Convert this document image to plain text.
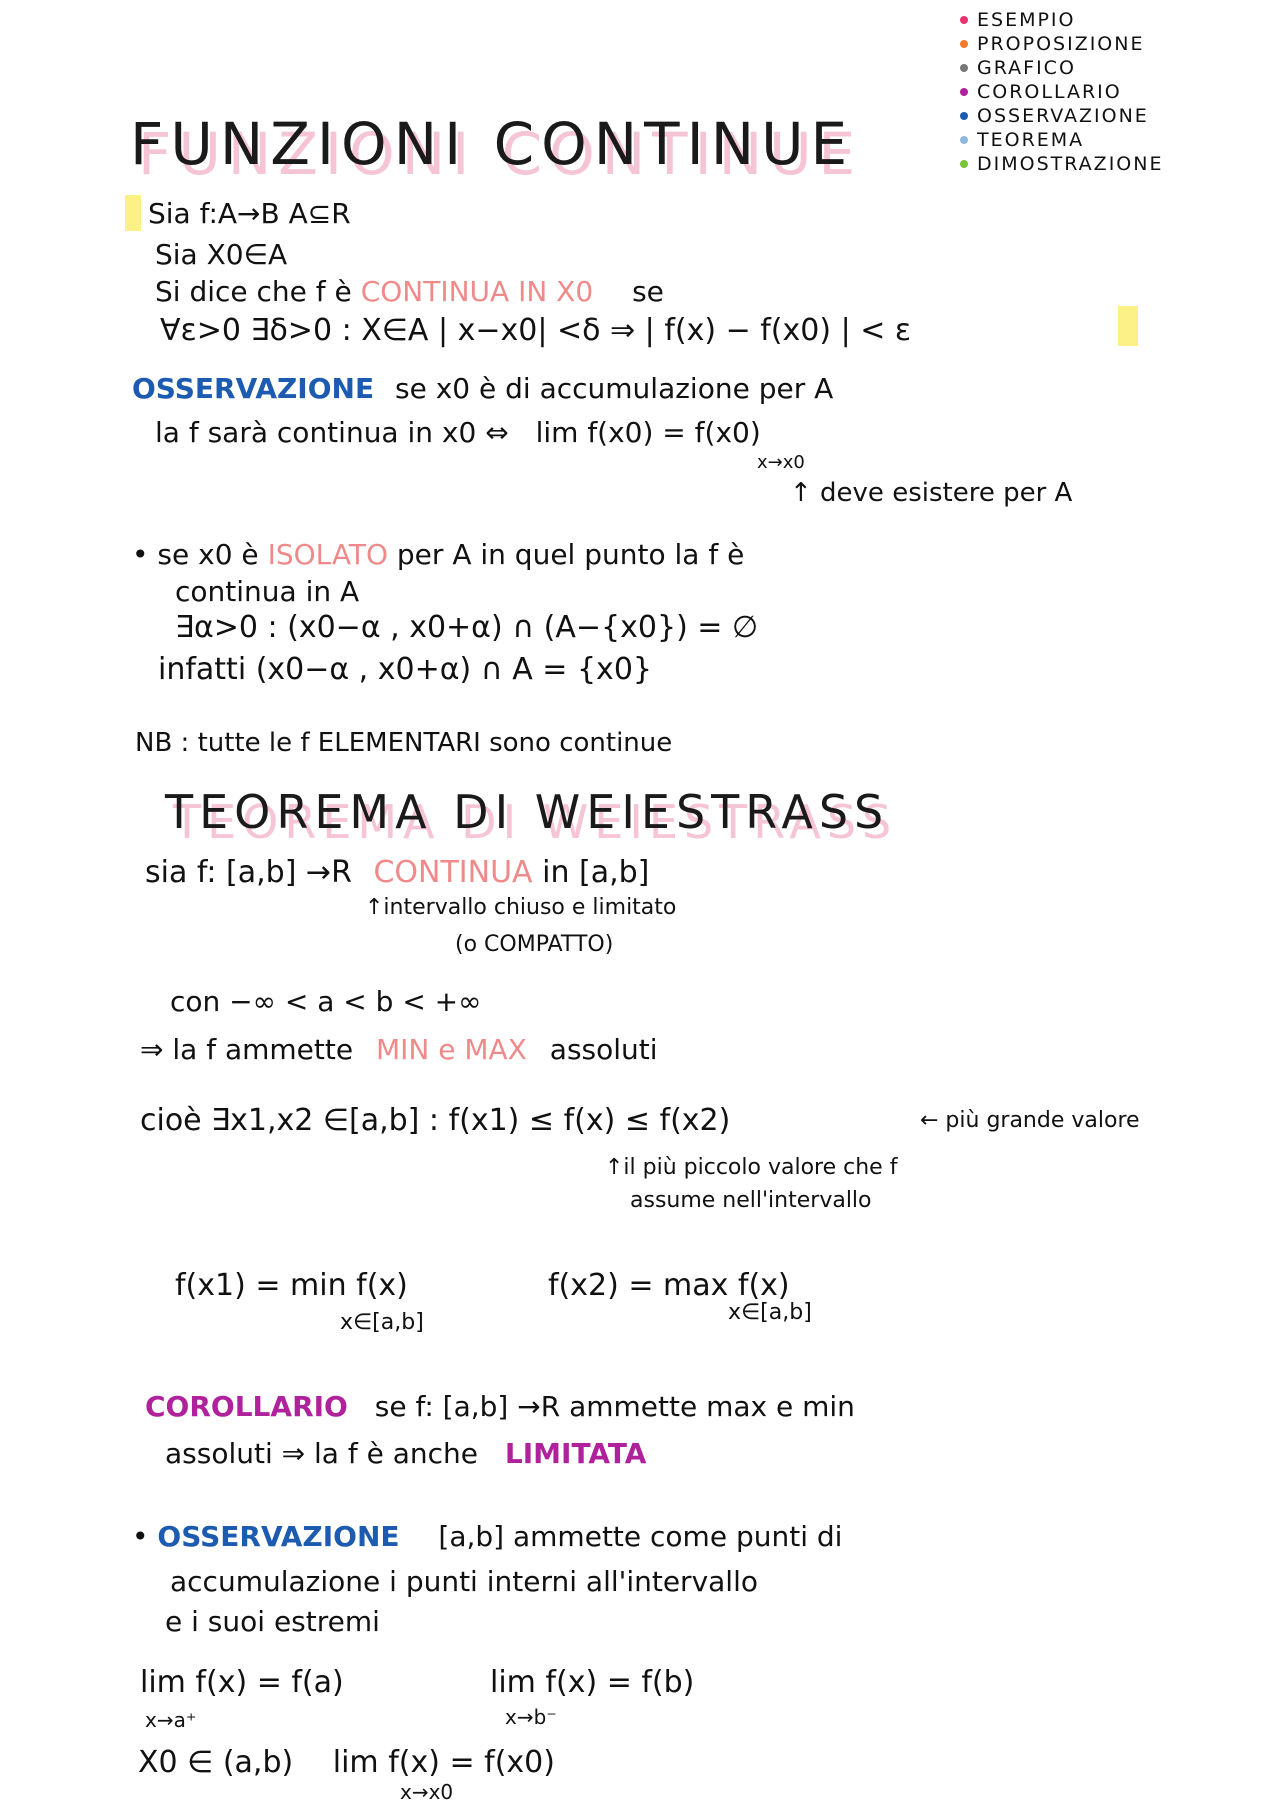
ESEMPIO
PROPOSIZIONE
GRAFICO
COROLLARIO
OSSERVAZIONE
TEOREMA
DIMOSTRAZIONE
FUNZIONI CONTINUE
Sia f:A→B A⊆R
Sia X0∈A
Si dice che f è CONTINUA IN X0 se
∀ε>0 ∃δ>0 : X∈A | x−x0| <δ ⇒ | f(x) − f(x0) | < ε
OSSERVAZIONE se x0 è di accumulazione per A
la f sarà continua in x0 ⇔ lim f(x0) = f(x0)
x→x0
↑ deve esistere per A
• se x0 è ISOLATO per A in quel punto la f è
continua in A
∃α>0 : (x0−α , x0+α) ∩ (A−{x0}) = ∅
infatti (x0−α , x0+α) ∩ A = {x0}
NB : tutte le f ELEMENTARI sono continue
TEOREMA DI WEIESTRASS
sia f: [a,b] →R CONTINUA in [a,b]
↑intervallo chiuso e limitato
(o COMPATTO)
con −∞ < a < b < +∞
⇒ la f ammette MIN e MAX assoluti
cioè ∃x1,x2 ∈[a,b] : f(x1) ≤ f(x) ≤ f(x2)	← più grande valore
↑il più piccolo valore che f
assume nell'intervallo
f(x1) = min f(x)
x∈[a,b]
f(x2) = max f(x)
x∈[a,b]
COROLLARIO se f: [a,b] →R ammette max e min
assoluti ⇒ la f è anche LIMITATA
• OSSERVAZIONE [a,b] ammette come punti di
accumulazione i punti interni all'intervallo
e i suoi estremi
lim f(x) = f(a)
x→a⁺
lim f(x) = f(b)
x→b⁻
X0 ∈ (a,b) lim f(x) = f(x0)
x→x0
